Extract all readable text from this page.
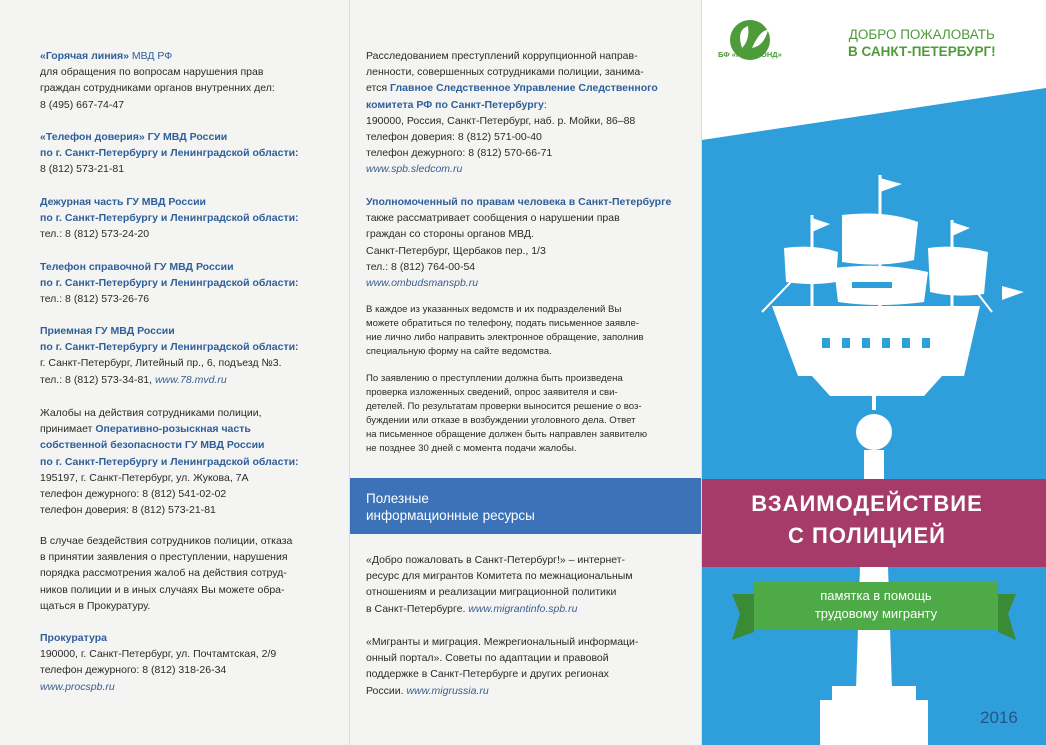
«Горячая линия» МВД РФ

для обращения по вопросам нарушения прав

граждан сотрудниками органов внутренних дел:

8 (495) 667-74-47

«Телефон доверия» ГУ МВД России

по г. Санкт-Петербургу и Ленинградской области:

8 (812) 573-21-81

Дежурная часть ГУ МВД России

по г. Санкт-Петербургу и Ленинградской области:

тел.: 8 (812) 573-24-20

Телефон справочной ГУ МВД России

по г. Санкт-Петербургу и Ленинградской области:

тел.: 8 (812) 573-26-76

Приемная ГУ МВД России

по г. Санкт-Петербургу и Ленинградской области:

г. Санкт-Петербург, Литейный пр., 6, подъезд №3.

тел.: 8 (812) 573-34-81, www.78.mvd.ru

Жалобы на действия сотрудниками полиции,

принимает Оперативно-розыскная часть

собственной безопасности ГУ МВД России

по г. Санкт-Петербургу и Ленинградской области:

195197, г. Санкт-Петербург, ул. Жукова, 7А

телефон дежурного: 8 (812) 541-02-02

телефон доверия: 8 (812) 573-21-81

В случае бездействия сотрудников полиции, отказа

в принятии заявления о преступлении, нарушения

порядка рассмотрения жалоб на действия сотруд-

ников полиции и в иных случаях Вы можете обра-

щаться в Прокуратуру.

Прокуратура

190000, г. Санкт-Петербург, ул. Почтамтская, 2/9

телефон дежурного: 8 (812) 318-26-34

www.procspb.ru

Расследованием преступлений коррупционной направ-

ленности, совершенных сотрудниками полиции, занима-

ется Главное Следственное Управление Следственного

комитета РФ по Санкт-Петербургу:

190000, Россия, Санкт-Петербург, наб. р. Мойки, 86–88

телефон доверия: 8 (812) 571-00-40

телефон дежурного: 8 (812) 570-66-71

www.spb.sledcom.ru

Уполномоченный по правам человека в Санкт-Петербурге

также рассматривает сообщения о нарушении прав

граждан со стороны органов МВД.

Санкт-Петербург, Щербаков пер., 1/3

тел.: 8 (812) 764-00-54

www.ombudsmanspb.ru

В каждое из указанных ведомств и их подразделений Вы

можете обратиться по телефону, подать письменное заявле-

ние лично либо направить электронное обращение, заполнив

специальную форму на сайте ведомства.

По заявлению о преступлении должна быть произведена

проверка изложенных сведений, опрос заявителя и сви-

детелей. По результатам проверки выносится решение о воз-

буждении или отказе в возбуждении уголовного дела. Ответ

на письменное обращение должен быть направлен заявителю

не позднее 30 дней с момента подачи жалобы.

Полезные

информационные ресурсы

«Добро пожаловать в Санкт-Петербург!» – интернет-

ресурс для мигрантов Комитета по межнациональным

отношениям и реализации миграционной политики

в Санкт-Петербурге. www.migrantinfo.spb.ru

«Мигранты и миграция. Межрегиональный информаци-

онный портал». Советы по адаптации и правовой

поддержке в Санкт-Петербурге и других регионах

России. www.migrussia.ru

БФ «ПСП-ФОНД»

ДОБРО ПОЖАЛОВАТЬ

В САНКТ-ПЕТЕРБУРГ!

ВЗАИМОДЕЙСТВИЕ

С ПОЛИЦИЕЙ

памятка в помощь

трудовому мигранту

2016
